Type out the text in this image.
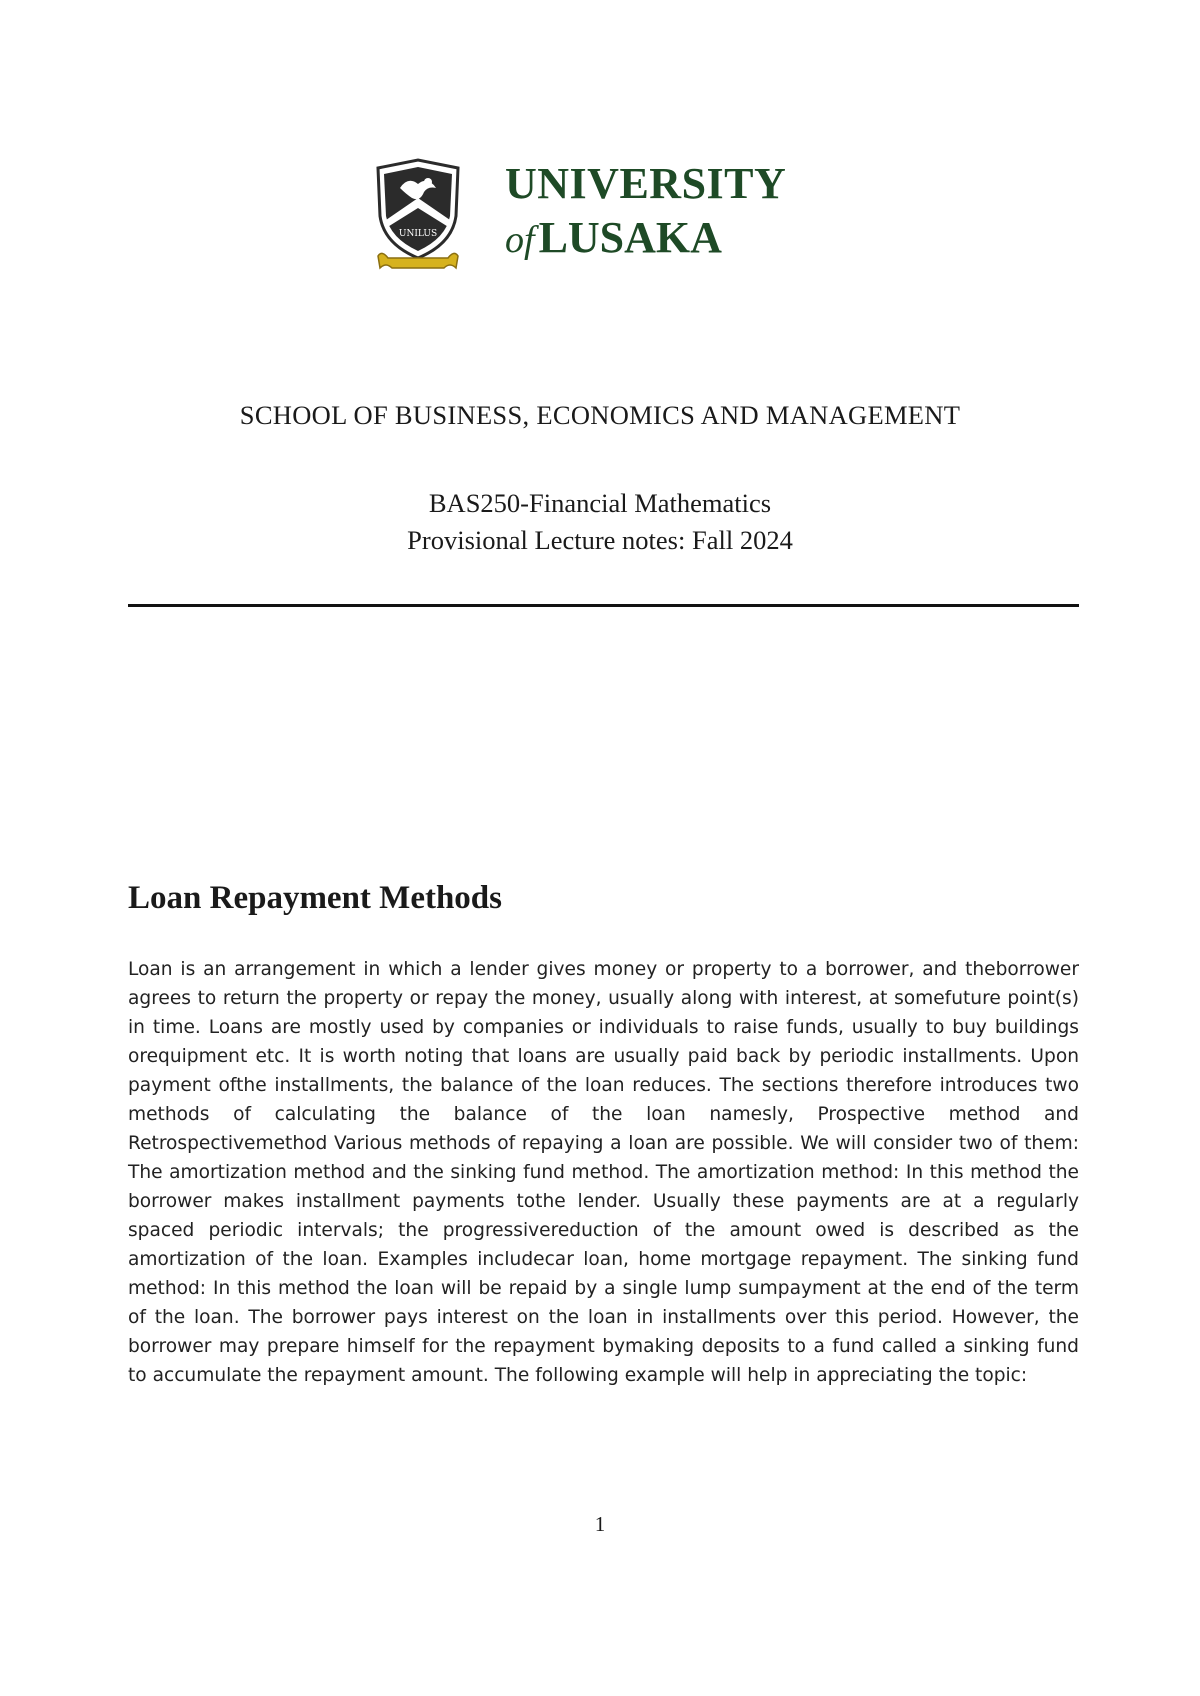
UNILUS
UNIVERSITY
ofLUSAKA
SCHOOL OF BUSINESS, ECONOMICS AND MANAGEMENT
BAS250-Financial Mathematics
Provisional Lecture notes: Fall 2024
Loan Repayment Methods
Loan is an arrangement in which a lender gives money or property to a borrower, and theborrower agrees to return the property or repay the money, usually along with interest, at somefuture point(s) in time. Loans are mostly used by companies or individuals to raise funds, usually to buy buildings orequipment etc. It is worth noting that loans are usually paid back by periodic installments. Upon payment ofthe installments, the balance of the loan reduces. The sections therefore introduces two methods of calculating the balance of the loan namesly, Prospective method and Retrospectivemethod Various methods of repaying a loan are possible. We will consider two of them: The amortization method and the sinking fund method. The amortization method: In this method the borrower makes installment payments tothe lender. Usually these payments are at a regularly spaced periodic intervals; the progressivereduction of the amount owed is described as the amortization of the loan. Examples includecar loan, home mortgage repayment. The sinking fund method: In this method the loan will be repaid by a single lump sumpayment at the end of the term of the loan. The borrower pays interest on the loan in installments over this period. However, the borrower may prepare himself for the repayment bymaking deposits to a fund called a sinking fund to accumulate the repayment amount. The following example will help in appreciating the topic:
1
